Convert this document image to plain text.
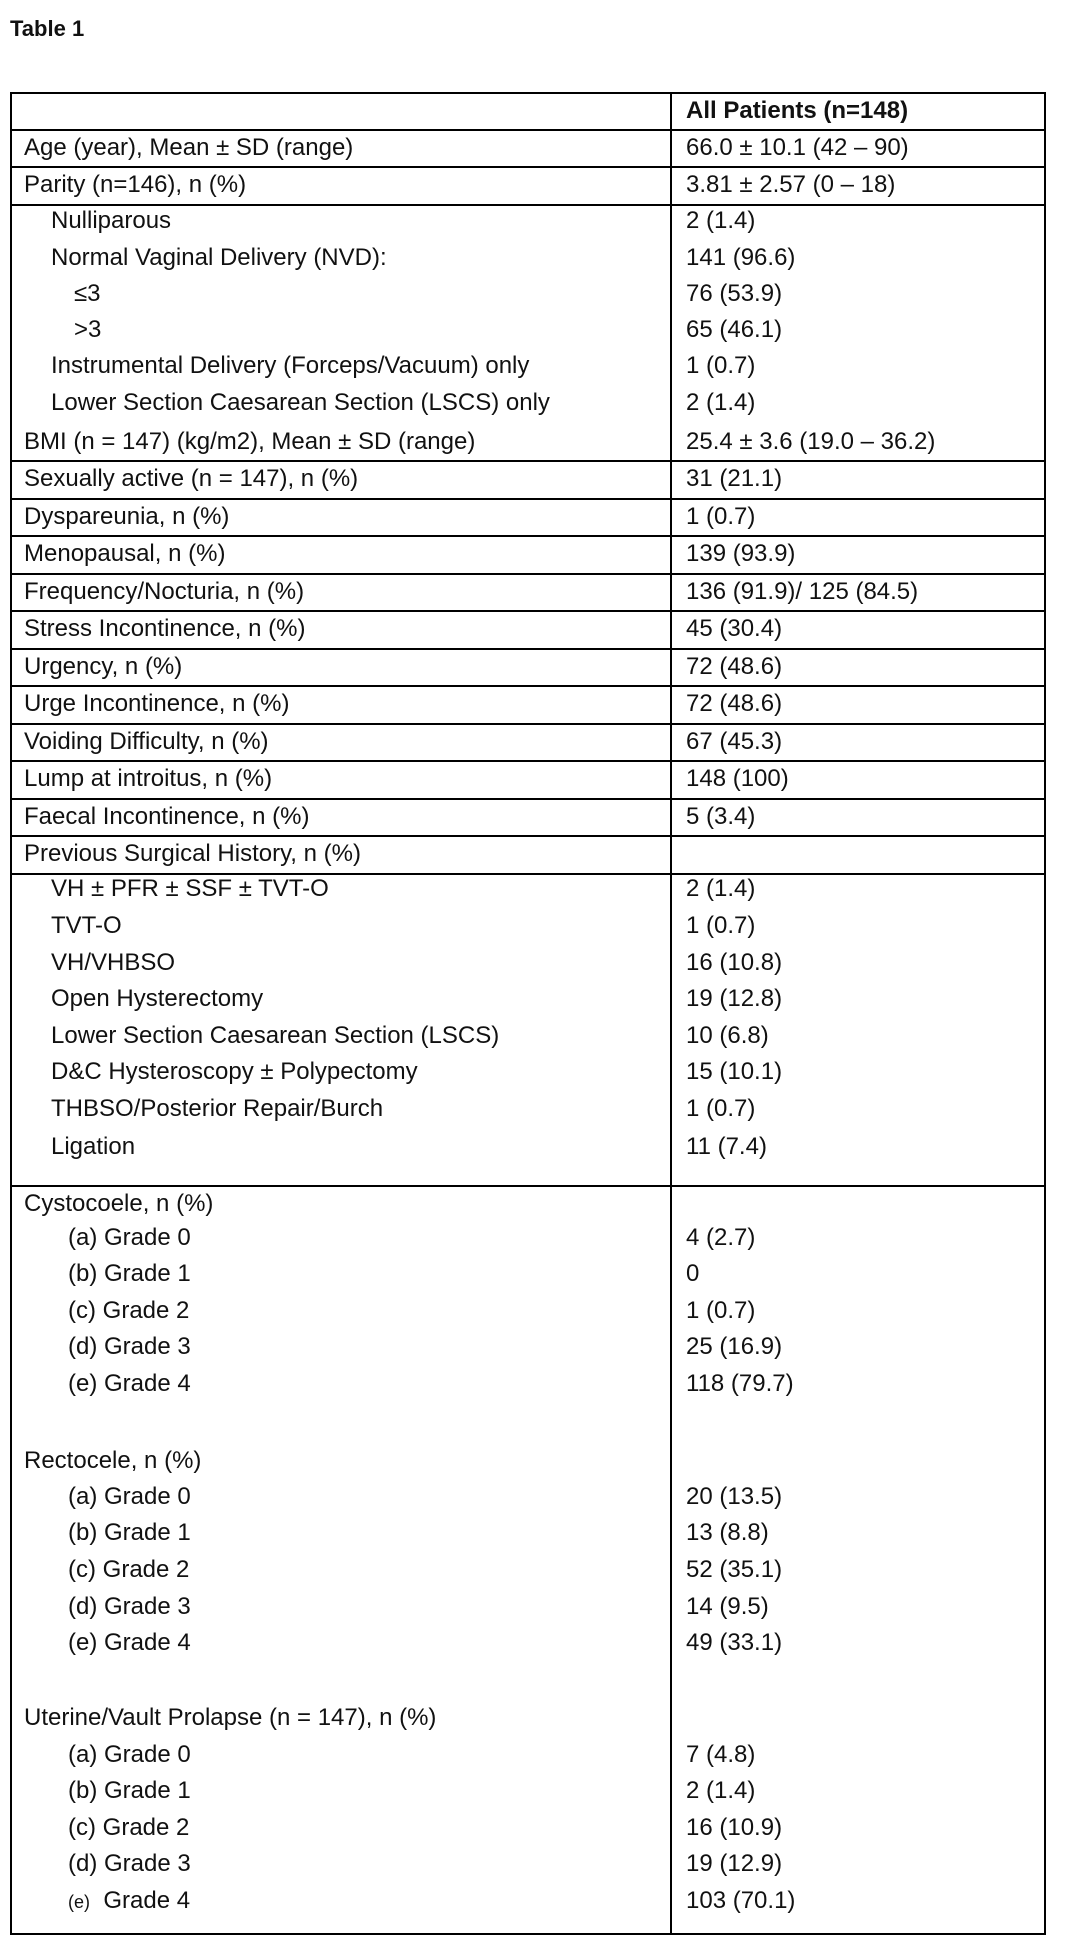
Table 1
All Patients (n=148)
Age (year), Mean ± SD (range)	66.0 ± 10.1 (42 – 90)
Parity (n=146), n (%)	3.81 ± 2.57 (0 – 18)
Nulliparous	2 (1.4)
Normal Vaginal Delivery (NVD):	141 (96.6)
≤3	76 (53.9)
>3	65 (46.1)
Instrumental Delivery (Forceps/Vacuum) only	1 (0.7)
Lower Section Caesarean Section (LSCS) only	2 (1.4)
BMI (n = 147) (kg/m2), Mean ± SD (range)	25.4 ± 3.6 (19.0 – 36.2)
Sexually active (n = 147), n (%)	31 (21.1)
Dyspareunia, n (%)	1 (0.7)
Menopausal, n (%)	139 (93.9)
Frequency/Nocturia, n (%)	136 (91.9)/ 125 (84.5)
Stress Incontinence, n (%)	45 (30.4)
Urgency, n (%)	72 (48.6)
Urge Incontinence, n (%)	72 (48.6)
Voiding Difficulty, n (%)	67 (45.3)
Lump at introitus, n (%)	148 (100)
Faecal Incontinence, n (%)	5 (3.4)
Previous Surgical History, n (%)
VH ± PFR ± SSF ± TVT-O	2 (1.4)
TVT-O	1 (0.7)
VH/VHBSO	16 (10.8)
Open Hysterectomy	19 (12.8)
Lower Section Caesarean Section (LSCS)	10 (6.8)
D&C Hysteroscopy ± Polypectomy	15 (10.1)
THBSO/Posterior Repair/Burch	1 (0.7)
Ligation	11 (7.4)
Cystocoele, n (%)
(a) Grade 0	4 (2.7)
(b) Grade 1	0
(c) Grade 2	1 (0.7)
(d) Grade 3	25 (16.9)
(e) Grade 4	118 (79.7)
Rectocele, n (%)
(a) Grade 0	20 (13.5)
(b) Grade 1	13 (8.8)
(c) Grade 2	52 (35.1)
(d) Grade 3	14 (9.5)
(e) Grade 4	49 (33.1)
Uterine/Vault Prolapse (n = 147), n (%)
(a) Grade 0	7 (4.8)
(b) Grade 1	2 (1.4)
(c) Grade 2	16 (10.9)
(d) Grade 3	19 (12.9)
(e) Grade 4	103 (70.1)
